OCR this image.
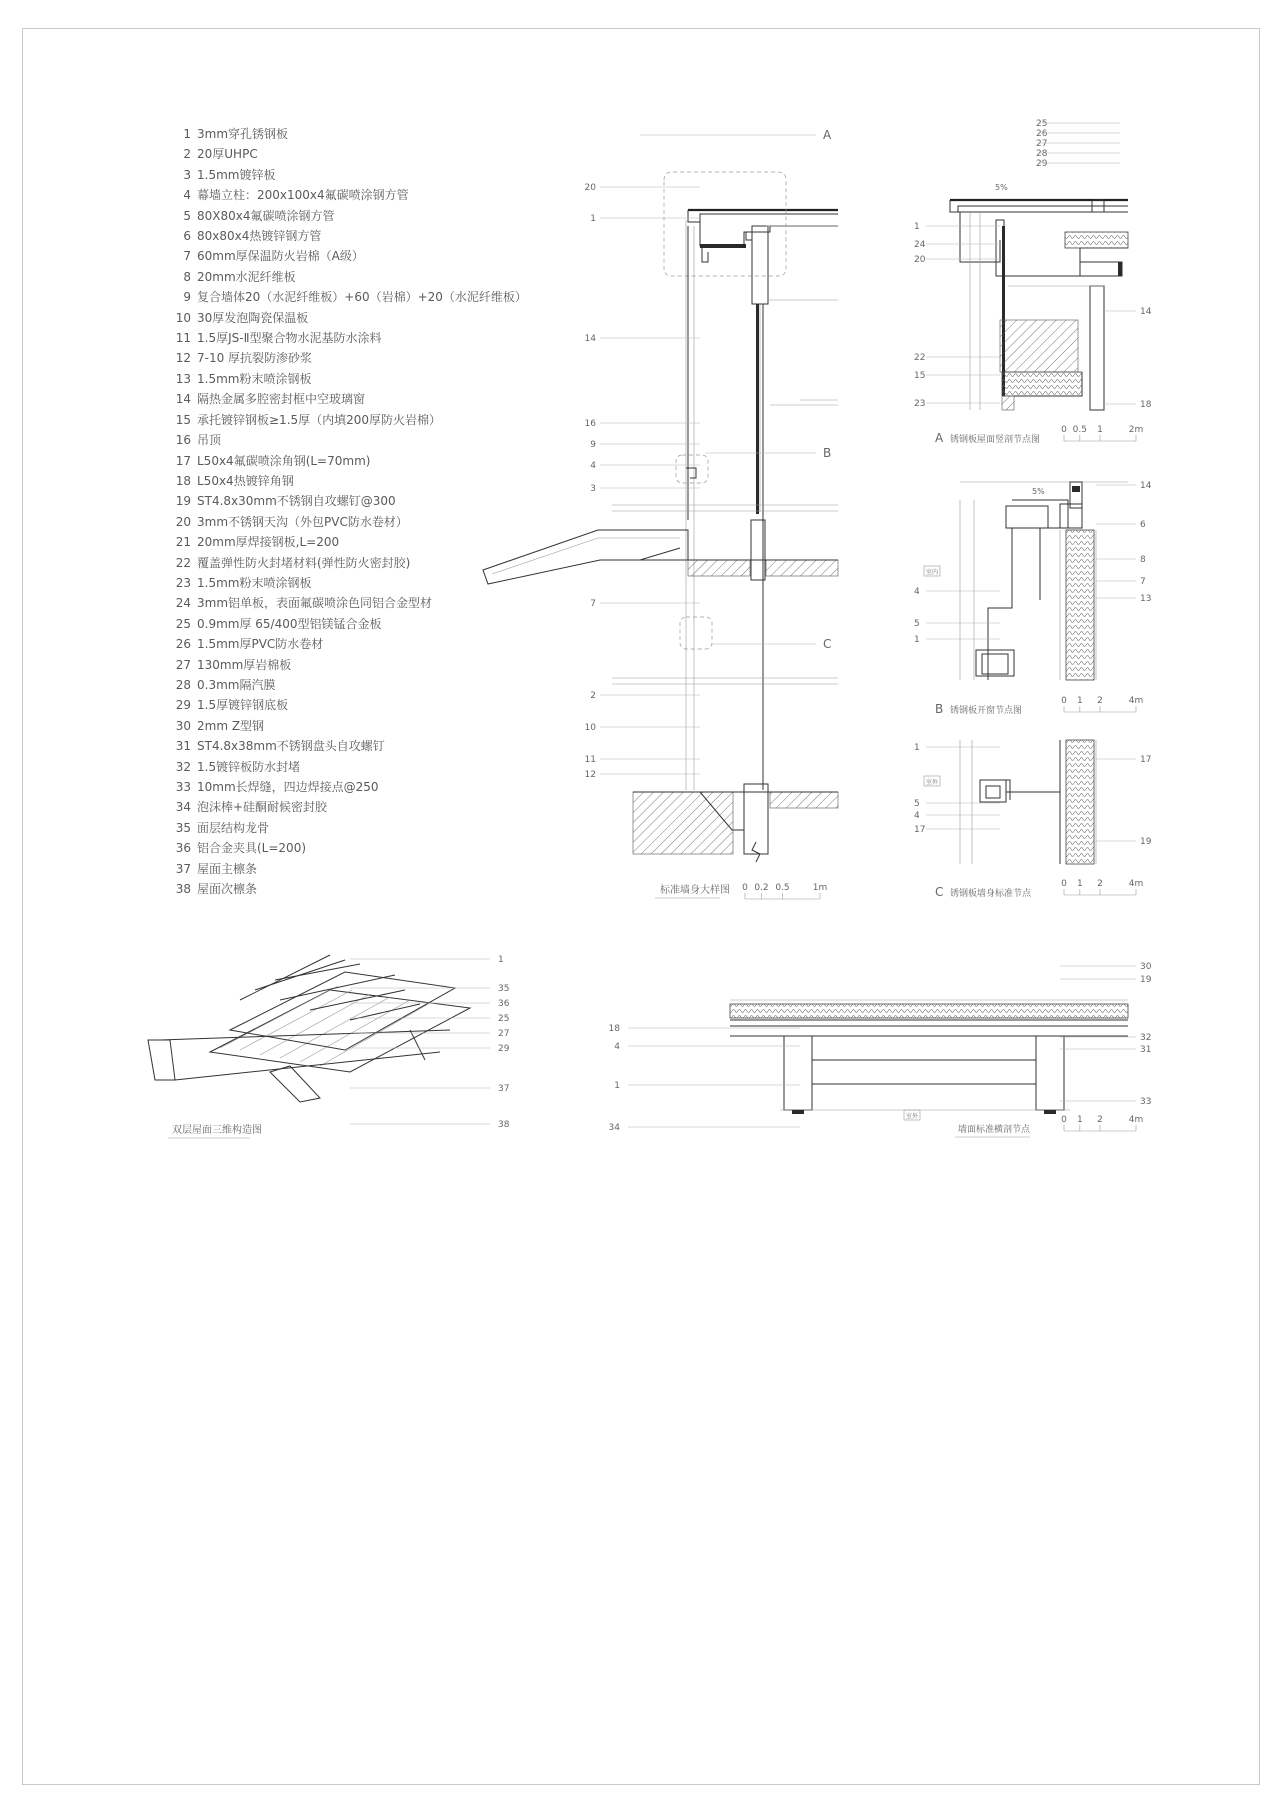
1 3mm穿孔锈钢板
2 20厚UHPC
3 1.5mm镀锌板
4 幕墙立柱：200x100x4氟碳喷涂钢方管
5 80X80x4氟碳喷涂钢方管
6 80x80x4热镀锌钢方管
7 60mm厚保温防火岩棉（A级）
8 20mm水泥纤维板
9 复合墙体20（水泥纤维板）+60（岩棉）+20（水泥纤维板）
10 30厚发泡陶瓷保温板
11 1.5厚JS-Ⅱ型聚合物水泥基防水涂料
12 7-10 厚抗裂防渗砂浆
13 1.5mm粉末喷涂钢板
14 隔热金属多腔密封框中空玻璃窗
15 承托镀锌钢板≥1.5厚（内填200厚防火岩棉）
16 吊顶
17 L50x4氟碳喷涂角钢(L=70mm)
18 L50x4热镀锌角钢
19 ST4.8x30mm不锈钢自攻螺钉@300
20 3mm不锈钢天沟（外包PVC防水卷材）
21 20mm厚焊接钢板,L=200
22 覆盖弹性防火封堵材料(弹性防火密封胶)
23 1.5mm粉末喷涂钢板
24 3mm铝单板，表面氟碳喷涂色同铝合金型材
25 0.9mm厚 65/400型铝镁锰合金板
26 1.5mm厚PVC防水卷材
27 130mm厚岩棉板
28 0.3mm隔汽膜
29 1.5厚镀锌钢底板
30 2mm Z型钢
31 ST4.8x38mm不锈钢盘头自攻螺钉
32 1.5镀锌板防水封堵
33 10mm长焊缝，四边焊接点@250
34 泡沫棒+硅酮耐候密封胶
35 面层结构龙骨
36 铝合金夹具(L=200)
37 屋面主檩条
38 屋面次檩条
A
B
C
20
1
14
16
9
4
3
7
2
10
11
12
标准墙身大样图 0 0.2 0.5	1m
25
26
27
28
29
5%
1
24
20
22
15
23
14
18
A 锈钢板屋面竖剖节点图
0 0.5 1	2m
5%
室内
4
5
1
14
6
8
7
13
B 锈钢板开窗节点图
0 1 2	4m
室外
1
5
4
17
17
19
C 锈钢板墙身标准节点
0 1 2	4m
1
35
36
25
27
29
37
38
双层屋面三维构造图
18
4
1
34
30
19
32
31
33
室外
墙面标准横剖节点
0 1 2	4m
